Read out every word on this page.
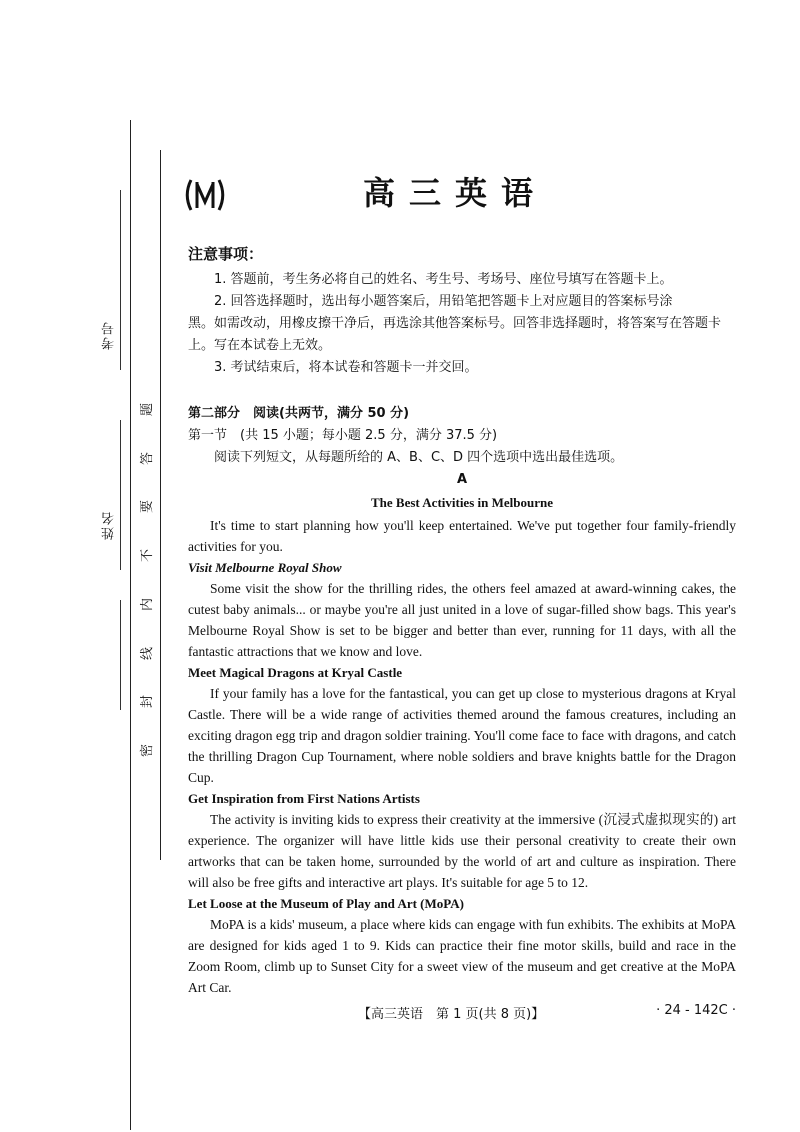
考号
姓名
题
答
要
不
内
线
封
密
高三英语
注意事项：
1. 答题前，考生务必将自己的姓名、考生号、考场号、座位号填写在答题卡上。
2. 回答选择题时，选出每小题答案后，用铅笔把答题卡上对应题目的答案标号涂
黑。如需改动，用橡皮擦干净后，再选涂其他答案标号。回答非选择题时，将答案写在答题卡上。写在本试卷上无效。
3. 考试结束后，将本试卷和答题卡一并交回。
第二部分　阅读(共两节，满分 50 分)
第一节　(共 15 小题；每小题 2.5 分，满分 37.5 分)
阅读下列短文，从每题所给的 A、B、C、D 四个选项中选出最佳选项。
A
The Best Activities in Melbourne
It's time to start planning how you'll keep entertained. We've put together four family-friendly activities for you.
Visit Melbourne Royal Show
Some visit the show for the thrilling rides, the others feel amazed at award-winning cakes, the cutest baby animals... or maybe you're all just united in a love of sugar-filled show bags. This year's Melbourne Royal Show is set to be bigger and better than ever, running for 11 days, with all the fantastic attractions that we know and love.
Meet Magical Dragons at Kryal Castle
If your family has a love for the fantastical, you can get up close to mysterious dragons at Kryal Castle. There will be a wide range of activities themed around the famous creatures, including an exciting dragon egg trip and dragon soldier training. You'll come face to face with dragons, and catch the thrilling Dragon Cup Tournament, where noble soldiers and brave knights battle for the Dragon Cup.
Get Inspiration from First Nations Artists
The activity is inviting kids to express their creativity at the immersive (沉浸式虚拟现实的) art experience. The organizer will have little kids use their personal creativity to create their own artworks that can be taken home, surrounded by the world of art and culture as inspiration. There will also be free gifts and interactive art plays. It's suitable for age 5 to 12.
Let Loose at the Museum of Play and Art (MoPA)
MoPA is a kids' museum, a place where kids can engage with fun exhibits. The exhibits at MoPA are designed for kids aged 1 to 9. Kids can practice their fine motor skills, build and race in the Zoom Room, climb up to Sunset City for a sweet view of the museum and get creative at the MoPA Art Car.
【高三英语　第 1 页(共 8 页)】	· 24 - 142C ·
